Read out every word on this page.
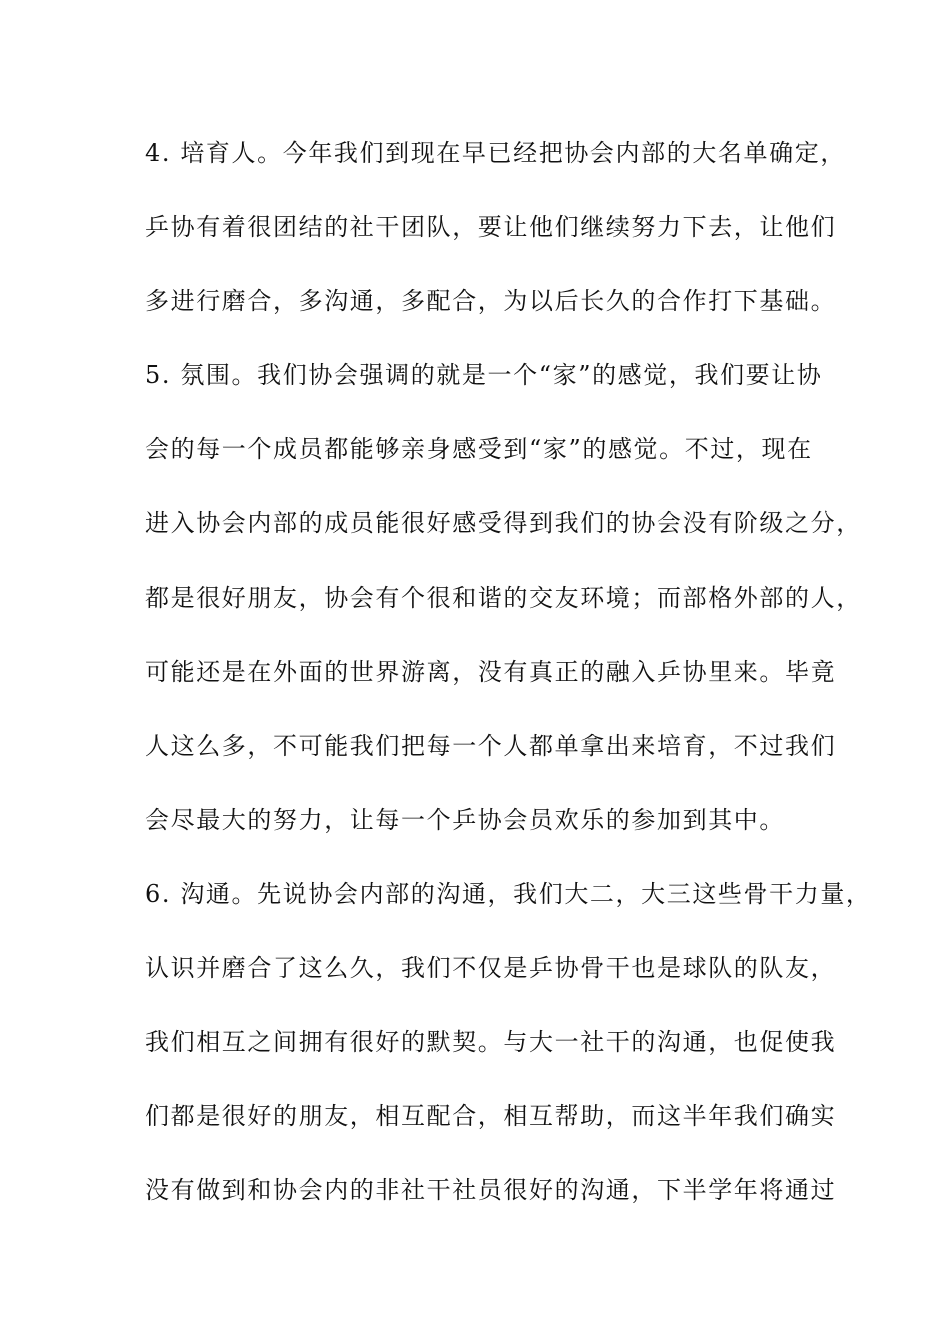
4. 培育人。今年我们到现在早已经把协会内部的大名单确定，
乒协有着很团结的社干团队，要让他们继续努力下去，让他们
多进行磨合，多沟通，多配合，为以后长久的合作打下基础。
5. 氛围。我们协会强调的就是一个“家”的感觉，我们要让协
会的每一个成员都能够亲身感受到“家”的感觉。不过，现在
进入协会内部的成员能很好感受得到我们的协会没有阶级之分，
都是很好朋友，协会有个很和谐的交友环境；而部格外部的人，
可能还是在外面的世界游离，没有真正的融入乒协里来。毕竟
人这么多，不可能我们把每一个人都单拿出来培育，不过我们
会尽最大的努力，让每一个乒协会员欢乐的参加到其中。
6. 沟通。先说协会内部的沟通，我们大二，大三这些骨干力量，
认识并磨合了这么久，我们不仅是乒协骨干也是球队的队友，
我们相互之间拥有很好的默契。与大一社干的沟通，也促使我
们都是很好的朋友，相互配合，相互帮助，而这半年我们确实
没有做到和协会内的非社干社员很好的沟通，下半学年将通过
